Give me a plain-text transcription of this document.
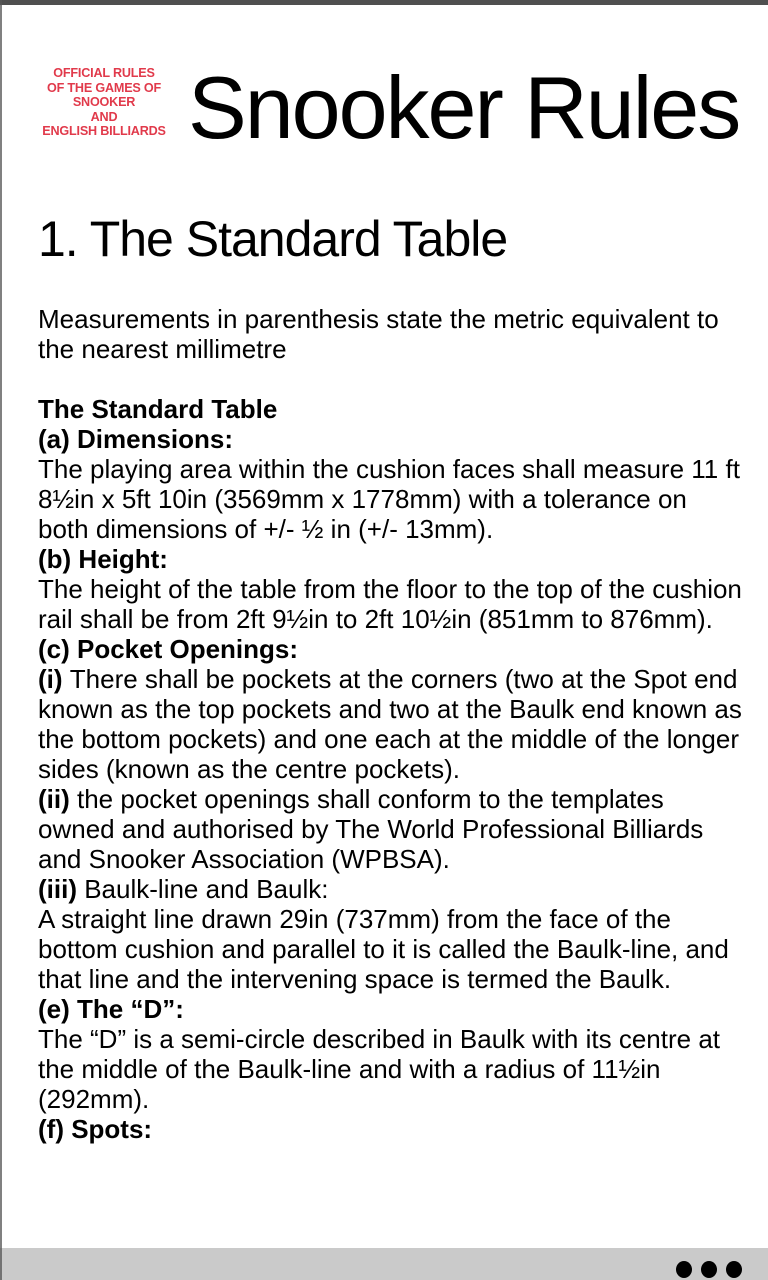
OFFICIAL RULES
OF THE GAMES OF
SNOOKER
AND
ENGLISH BILLIARDS Snooker Rules
1. The Standard Table

Measurements in parenthesis state the metric equivalent to the nearest millimetre

The Standard Table
(a) Dimensions:
The playing area within the cushion faces shall measure 11 ft 8½in x 5ft 10in (3569mm x 1778mm) with a tolerance on both dimensions of +/- ½ in (+/- 13mm).
(b) Height:
The height of the table from the floor to the top of the cushion rail shall be from 2ft 9½in to 2ft 10½in (851mm to 876mm).
(c) Pocket Openings:
(i) There shall be pockets at the corners (two at the Spot end known as the top pockets and two at the Baulk end known as the bottom pockets) and one each at the middle of the longer sides (known as the centre pockets).
(ii) the pocket openings shall conform to the templates owned and authorised by The World Professional Billiards and Snooker Association (WPBSA).
(iii) Baulk-line and Baulk:
A straight line drawn 29in (737mm) from the face of the bottom cushion and parallel to it is called the Baulk-line, and that line and the intervening space is termed the Baulk.
(e) The “D”:
The “D” is a semi-circle described in Baulk with its centre at the middle of the Baulk-line and with a radius of 11½in (292mm).
(f) Spots:
